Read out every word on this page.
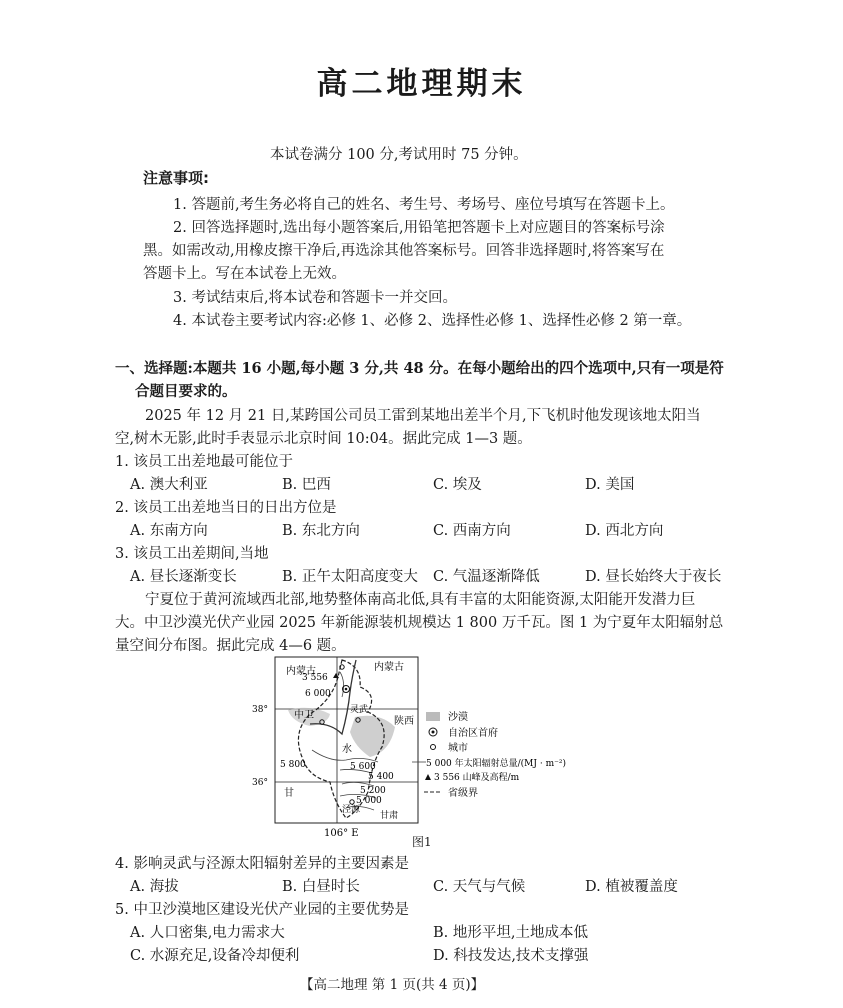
高二地理期末
本试卷满分 100 分,考试用时 75 分钟。
注意事项:
1. 答题前,考生务必将自己的姓名、考生号、考场号、座位号填写在答题卡上。
2. 回答选择题时,选出每小题答案后,用铅笔把答题卡上对应题目的答案标号涂
黑。如需改动,用橡皮擦干净后,再选涂其他答案标号。回答非选择题时,将答案写在
答题卡上。写在本试卷上无效。
3. 考试结束后,将本试卷和答题卡一并交回。
4. 本试卷主要考试内容:必修 1、必修 2、选择性必修 1、选择性必修 2 第一章。
一、选择题:本题共 16 小题,每小题 3 分,共 48 分。在每小题给出的四个选项中,只有一项是符
合题目要求的。
2025 年 12 月 21 日,某跨国公司员工雷到某地出差半个月,下飞机时他发现该地太阳当
空,树木无影,此时手表显示北京时间 10:04。据此完成 1—3 题。
1. 该员工出差地最可能位于
A. 澳大利亚	B. 巴西	C. 埃及	D. 美国
2. 该员工出差地当日的日出方位是
A. 东南方向	B. 东北方向	C. 西南方向	D. 西北方向
3. 该员工出差期间,当地
A. 昼长逐渐变长	B. 正午太阳高度变大 C. 气温逐渐降低	D. 昼长始终大于夜长
宁夏位于黄河流域西北部,地势整体南高北低,具有丰富的太阳能资源,太阳能开发潜力巨
大。中卫沙漠光伏产业园 2025 年新能源装机规模达 1 800 万千瓦。图 1 为宁夏年太阳辐射总
量空间分布图。据此完成 4—6 题。
内蒙古	内蒙古
陕西
甘
甘肃
中卫	灵武
泾源
水
38°
36°
106° E
3 556
6 000
5 800	5 600
5 400
5 200
5 000
沙漠
自治区首府
城市
5 000 年太阳辐射总量/(MJ · m⁻²)
3 556 山峰及高程/m
省级界
图1
4. 影响灵武与泾源太阳辐射差异的主要因素是
A. 海拔	B. 白昼时长	C. 天气与气候	D. 植被覆盖度
5. 中卫沙漠地区建设光伏产业园的主要优势是
A. 人口密集,电力需求大	B. 地形平坦,土地成本低
C. 水源充足,设备冷却便利	D. 科技发达,技术支撑强
【高二地理 第 1 页(共 4 页)】
